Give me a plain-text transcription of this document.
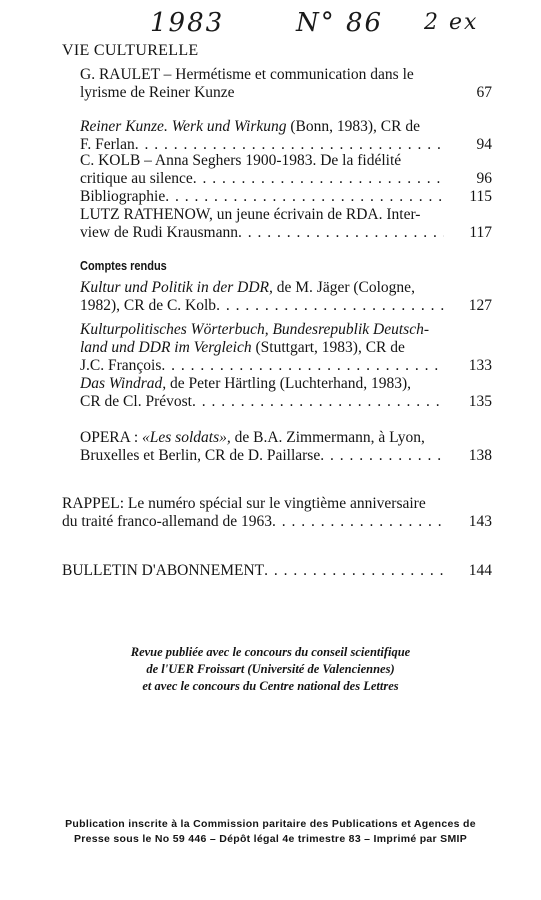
1983	N° 86 2 ex
VIE CULTURELLE
G. RAULET – Hermétisme et communication dans le
lyrisme de Reiner Kunze	67
Reiner Kunze. Werk und Wirkung (Bonn, 1983), CR de
F. Ferlan . . .	94
C. KOLB – Anna Seghers 1900-1983. De la fidélité
critique au silence . . .	96
Bibliographie . . .	115
LUTZ RATHENOW, un jeune écrivain de RDA. Inter-
view de Rudi Krausmann . . .	117
Comptes rendus
Kultur und Politik in der DDR, de M. Jäger (Cologne,
1982), CR de C. Kolb . . .	127
Kulturpolitisches Wörterbuch, Bundesrepublik Deutsch-
land und DDR im Vergleich (Stuttgart, 1983), CR de
J.C. François . . .	133
Das Windrad, de Peter Härtling (Luchterhand, 1983),
CR de Cl. Prévost . . .	135
OPERA : «Les soldats», de B.A. Zimmermann, à Lyon,
Bruxelles et Berlin, CR de D. Paillarse . . .	138
RAPPEL: Le numéro spécial sur le vingtième anniversaire
du traité franco-allemand de 1963 . . .	143
BULLETIN D'ABONNEMENT . . .	144
Revue publiée avec le concours du conseil scientifique
de l'UER Froissart (Université de Valenciennes)
et avec le concours du Centre national des Lettres
Publication inscrite à la Commission paritaire des Publications et Agences de
Presse sous le No 59 446 – Dépôt légal 4e trimestre 83 – Imprimé par SMIP
